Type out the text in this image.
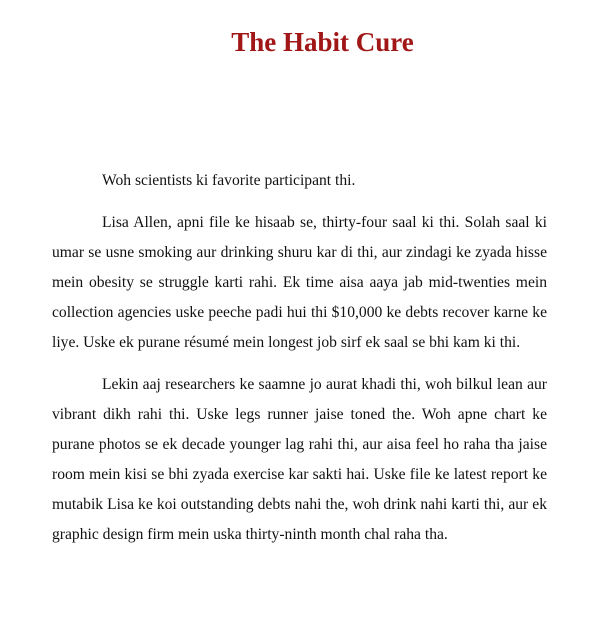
The Habit Cure

Woh scientists ki favorite participant thi.

Lisa Allen, apni file ke hisaab se, thirty-four saal ki thi. Solah saal ki umar se usne smoking aur drinking shuru kar di thi, aur zindagi ke zyada hisse mein obesity se struggle karti rahi. Ek time aisa aaya jab mid-twenties mein collection agencies uske peeche padi hui thi $10,000 ke debts recover karne ke liye. Uske ek purane résumé mein longest job sirf ek saal se bhi kam ki thi.

Lekin aaj researchers ke saamne jo aurat khadi thi, woh bilkul lean aur vibrant dikh rahi thi. Uske legs runner jaise toned the. Woh apne chart ke purane photos se ek decade younger lag rahi thi, aur aisa feel ho raha tha jaise room mein kisi se bhi zyada exercise kar sakti hai. Uske file ke latest report ke mutabik Lisa ke koi outstanding debts nahi the, woh drink nahi karti thi, aur ek graphic design firm mein uska thirty-ninth month chal raha tha.
